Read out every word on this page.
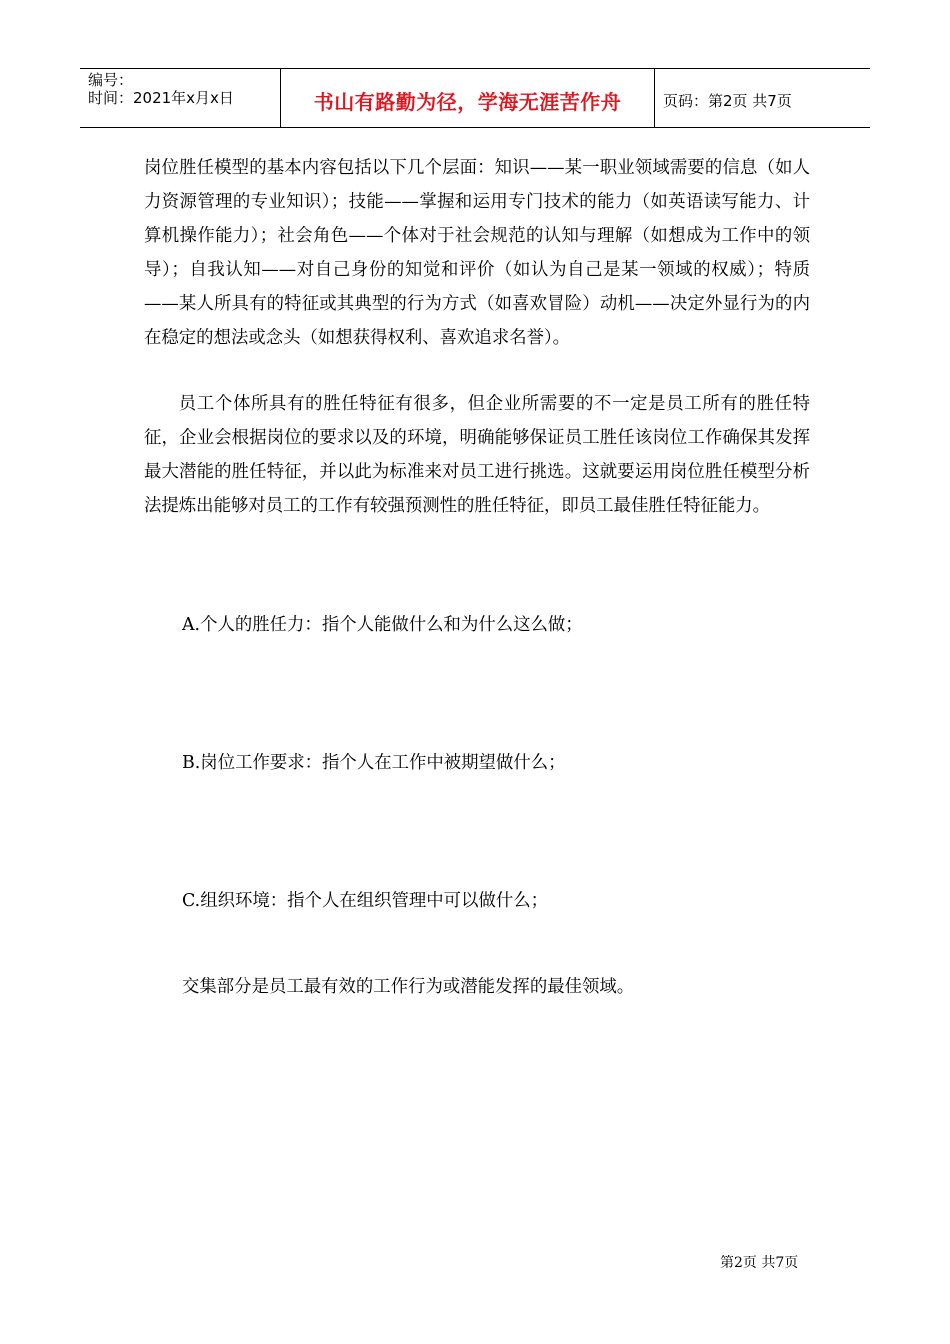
编号：
时间：2021年x月x日	书山有路勤为径，学海无涯苦作舟	页码：第2页 共7页

岗位胜任模型的基本内容包括以下几个层面：知识——某一职业领域需要的信息（如人力资源管理的专业知识）；技能——掌握和运用专门技术的能力（如英语读写能力、计算机操作能力）；社会角色——个体对于社会规范的认知与理解（如想成为工作中的领导）；自我认知——对自己身份的知觉和评价（如认为自己是某一领域的权威）；特质——某人所具有的特征或其典型的行为方式（如喜欢冒险）动机——决定外显行为的内在稳定的想法或念头（如想获得权利、喜欢追求名誉）。

员工个体所具有的胜任特征有很多，但企业所需要的不一定是员工所有的胜任特征，企业会根据岗位的要求以及的环境，明确能够保证员工胜任该岗位工作确保其发挥最大潜能的胜任特征，并以此为标准来对员工进行挑选。这就要运用岗位胜任模型分析法提炼出能够对员工的工作有较强预测性的胜任特征，即员工最佳胜任特征能力。

A.个人的胜任力：指个人能做什么和为什么这么做；

B.岗位工作要求：指个人在工作中被期望做什么；

C.组织环境：指个人在组织管理中可以做什么；

交集部分是员工最有效的工作行为或潜能发挥的最佳领域。

第2页 共7页
